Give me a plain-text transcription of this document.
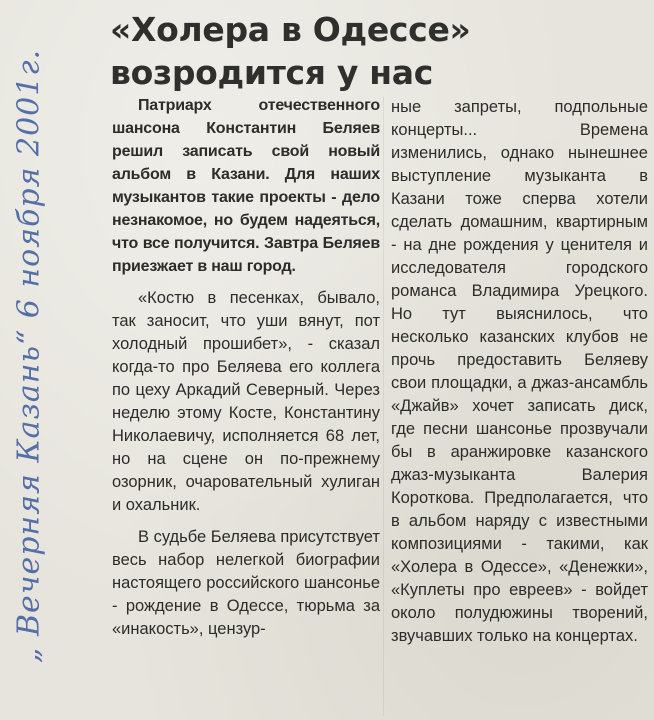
„ Вечерняя Казань“ 6 ноября 2001г.
«Холера в Одессе»
возродится у нас

Патриарх отечественного шансона Константин Беляев решил записать свой новый альбом в Казани. Для наших музыкантов такие проекты - дело незнакомое, но будем надеяться, что все получится. Завтра Беляев приезжает в наш город.

«Костю в песенках, бывало, так заносит, что уши вянут, пот холодный прошибет», - сказал когда-то про Беляева его коллега по цеху Аркадий Северный. Через неделю этому Косте, Константину Николаевичу, исполняется 68 лет, но на сцене он по-прежнему озорник, очаровательный хулиган и охальник.

В судьбе Беляева присутствует весь набор нелегкой биографии настоящего российского шансонье - рождение в Одессе, тюрьма за «инакость», цензур-

ные запреты, подпольные концерты... Времена изменились, однако нынешнее выступление музыканта в Казани тоже сперва хотели сделать домашним, квартирным - на дне рождения у ценителя и исследователя городского романса Владимира Урецкого. Но тут выяснилось, что несколько казанских клубов не прочь предоставить Беляеву свои площадки, а джаз-ансамбль «Джайв» хочет записать диск, где песни шансонье прозвучали бы в аранжировке казанского джаз-музыканта Валерия Короткова. Предполагается, что в альбом наряду с известными композициями - такими, как «Холера в Одессе», «Денежки», «Куплеты про евреев» - войдет около полудюжины творений, звучавших только на концертах.
